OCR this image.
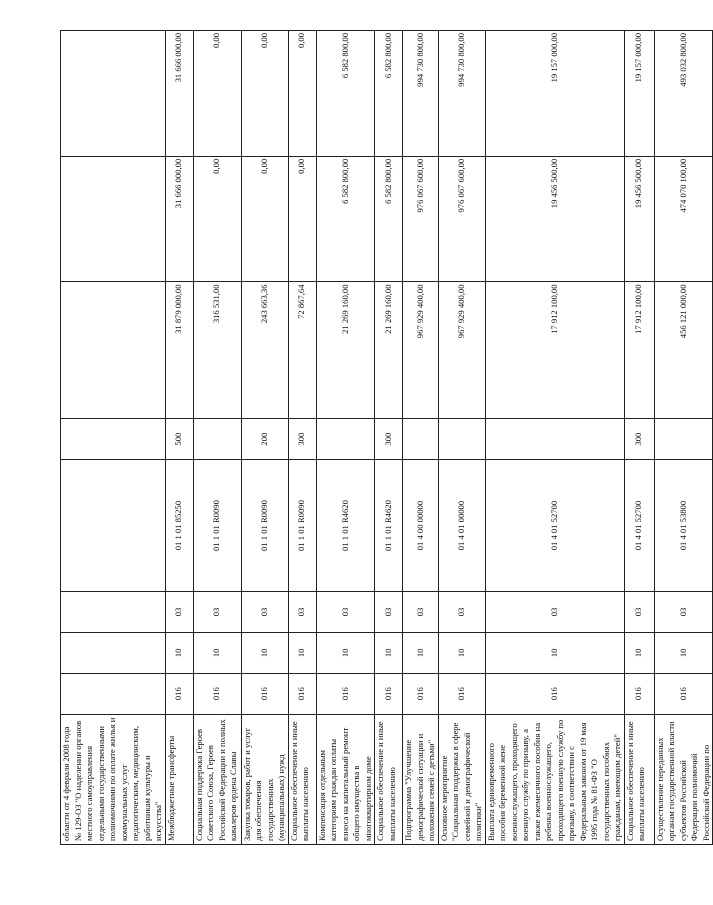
области от 4 февраля 2008 года № 129-ОЗ "О наделении органов местного самоуправления отдельными государственными полномочиями по оплате жилья и коммунальных услуг педагогическим, медицинским, работникам культуры и искусства"								
Межбюджетные трансферты	016	10	03	01 1 01 85250	500	31 879 000,00	31 666 000,00	31 666 000,00
Социальная поддержка Героев Советского Союза, Героев Российской Федерации и полных кавалеров ордена Славы	016	10	03	01 1 01 R0090		316 531,00	0,00	0,00
Закупка товаров, работ и услуг для обеспечения государственных (муниципальных) нужд	016	10	03	01 1 01 R0090	200	243 663,36	0,00	0,00
Социальное обеспечение и иные выплаты населению	016	10	03	01 1 01 R0090	300	72 867,64	0,00	0,00
Компенсация отдельным категориям граждан оплаты взноса на капитальный ремонт общего имущества в многоквартирном доме	016	10	03	01 1 01 R4620		21 269 160,00	6 582 800,00	6 582 800,00
Социальное обеспечение и иные выплаты населению	016	10	03	01 1 01 R4620	300	21 269 160,00	6 582 800,00	6 582 800,00
Подпрограмма "Улучшение демографической ситуации и положения семей с детьми"	016	10	03	01 4 00 00000		967 929 400,00	976 067 600,00	994 730 800,00
Основное мероприятие "Социальная поддержка в сфере семейной и демографической политики"	016	10	03	01 4 01 00000		967 929 400,00	976 067 600,00	994 730 800,00
Выплата единовременного пособия беременной жене военнослужащего, проходящего военную службу по призыву, а также ежемесячного пособия на ребенка военнослужащего, проходящего военную службу по призыву, в соответствии с Федеральным законом от 19 мая 1995 года № 81-ФЗ "О государственных пособиях гражданам, имеющим детей"	016	10	03	01 4 01 52700		17 912 100,00	19 456 500,00	19 157 000,00
Социальное обеспечение и иные выплаты населению	016	10	03	01 4 01 52700	300	17 912 100,00	19 456 500,00	19 157 000,00
Осуществление переданных органам государственной власти субъектов Российской Федерации полномочий Российской Федерации по	016	10	03	01 4 01 53800		456 121 000,00	474 070 100,00	493 032 800,00
